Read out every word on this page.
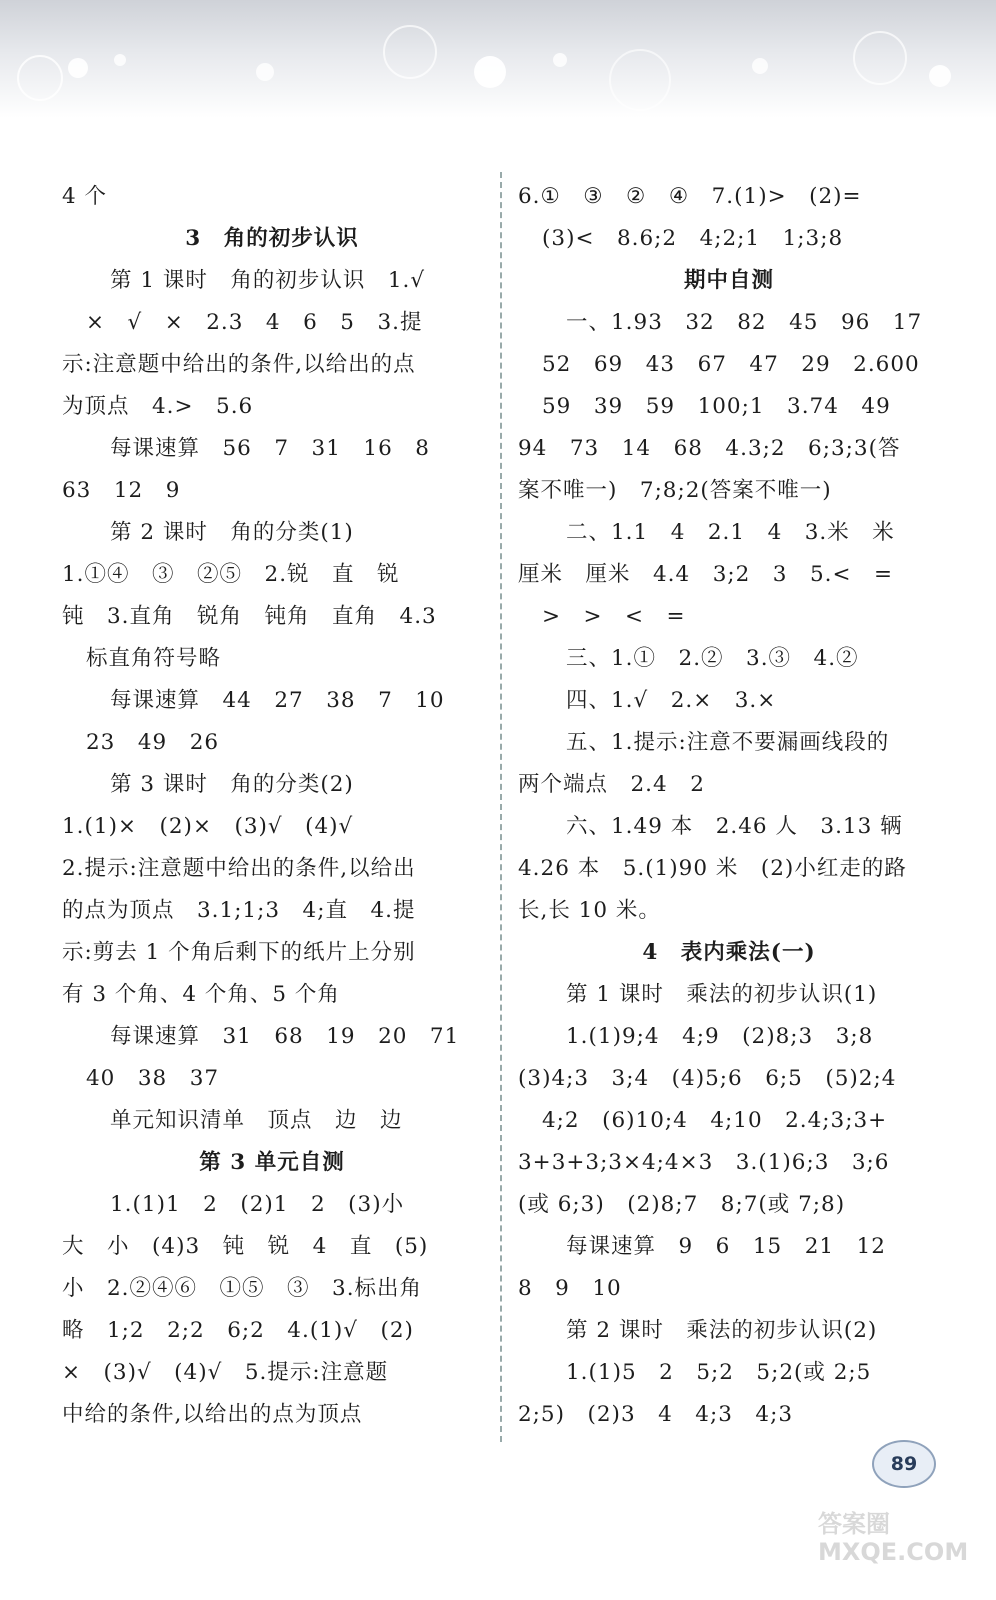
4 个
3　角的初步认识
第 1 课时　角的初步认识　1.√
×　√　×　2.3　4　6　5　3.提
示:注意题中给出的条件,以给出的点
为顶点　4.>　5.6
每课速算　56　7　31　16　8
63　12　9
第 2 课时　角的分类(1)
1.①④　③　②⑤　2.锐　直　锐
钝　3.直角　锐角　钝角　直角　4.3
标直角符号略
每课速算　44　27　38　7　10
23　49　26
第 3 课时　角的分类(2)
1.(1)×　(2)×　(3)√　(4)√
2.提示:注意题中给出的条件,以给出
的点为顶点　3.1;1;3　4;直　4.提
示:剪去 1 个角后剩下的纸片上分别
有 3 个角、4 个角、5 个角
每课速算　31　68　19　20　71
40　38　37
单元知识清单　顶点　边　边
第 3 单元自测
1.(1)1　2　(2)1　2　(3)小
大　小　(4)3　钝　锐　4　直　(5)
小　2.②④⑥　①⑤　③　3.标出角
略　1;2　2;2　6;2　4.(1)√　(2)
×　(3)√　(4)√　5.提示:注意题
中给的条件,以给出的点为顶点
6.①　③　②　④　7.(1)>　(2)=
(3)<　8.6;2　4;2;1　1;3;8
期中自测
一、1.93　32　82　45　96　17
52　69　43　67　47　29　2.600
59　39　59　100;1　3.74　49
94　73　14　68　4.3;2　6;3;3(答
案不唯一)　7;8;2(答案不唯一)
二、1.1　4　2.1　4　3.米　米
厘米　厘米　4.4　3;2　3　5.<　=
>　>　<　=
三、1.①　2.②　3.③　4.②
四、1.√　2.×　3.×
五、1.提示:注意不要漏画线段的
两个端点　2.4　2
六、1.49 本　2.46 人　3.13 辆
4.26 本　5.(1)90 米　(2)小红走的路
长,长 10 米。
4　表内乘法(一)
第 1 课时　乘法的初步认识(1)
1.(1)9;4　4;9　(2)8;3　3;8
(3)4;3　3;4　(4)5;6　6;5　(5)2;4
4;2　(6)10;4　4;10　2.4;3;3+
3+3+3;3×4;4×3　3.(1)6;3　3;6
(或 6;3)　(2)8;7　8;7(或 7;8)
每课速算　9　6　15　21　12
8　9　10
第 2 课时　乘法的初步认识(2)
1.(1)5　2　5;2　5;2(或 2;5
2;5)　(2)3　4　4;3　4;3
89
答案圈 MXQE.COM
